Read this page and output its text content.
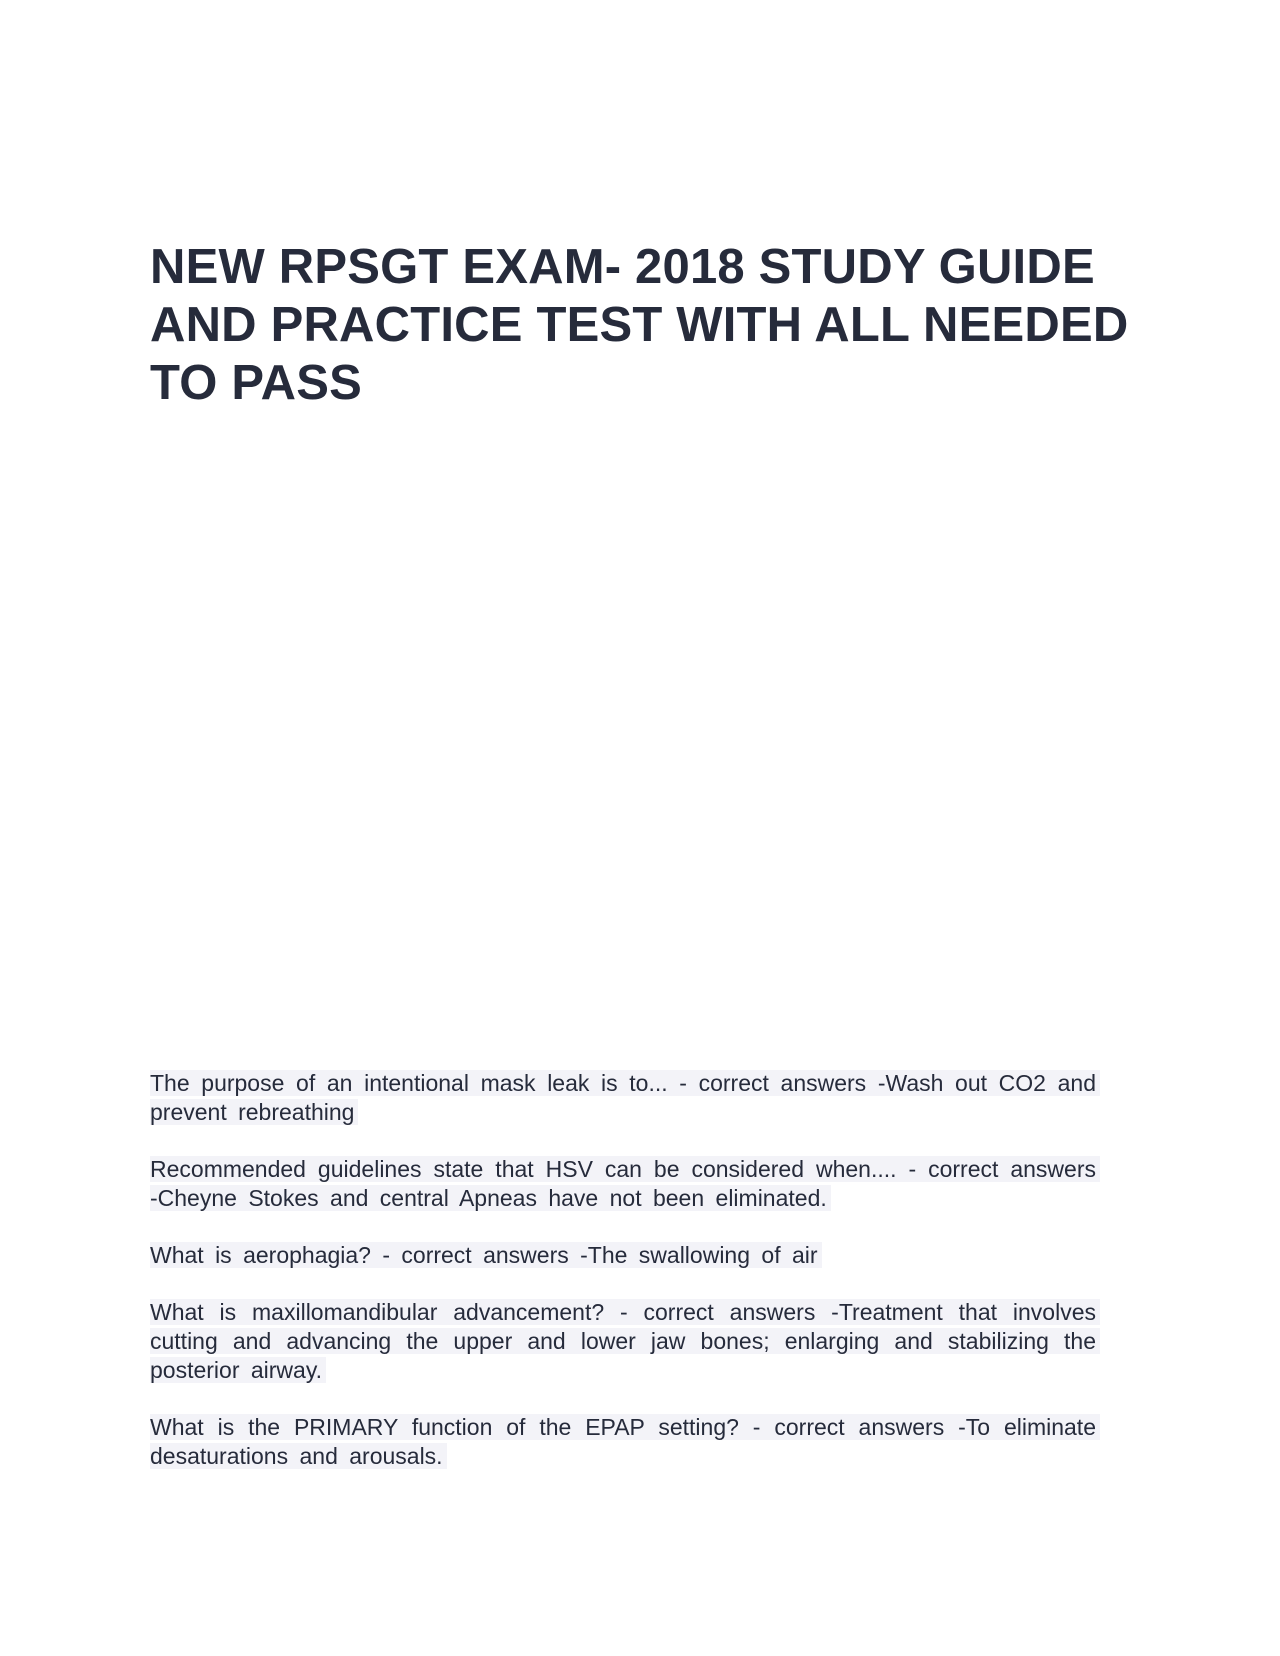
NEW RPSGT EXAM- 2018 STUDY GUIDE AND PRACTICE TEST WITH ALL NEEDED TO PASS

The purpose of an intentional mask leak is to... - correct answers -Wash out CO2 and prevent rebreathing

Recommended guidelines state that HSV can be considered when.... - correct answers -Cheyne Stokes and central Apneas have not been eliminated.

What is aerophagia? - correct answers -The swallowing of air

What is maxillomandibular advancement? - correct answers -Treatment that involves cutting and advancing the upper and lower jaw bones; enlarging and stabilizing the posterior airway.

What is the PRIMARY function of the EPAP setting? - correct answers -To eliminate desaturations and arousals.
